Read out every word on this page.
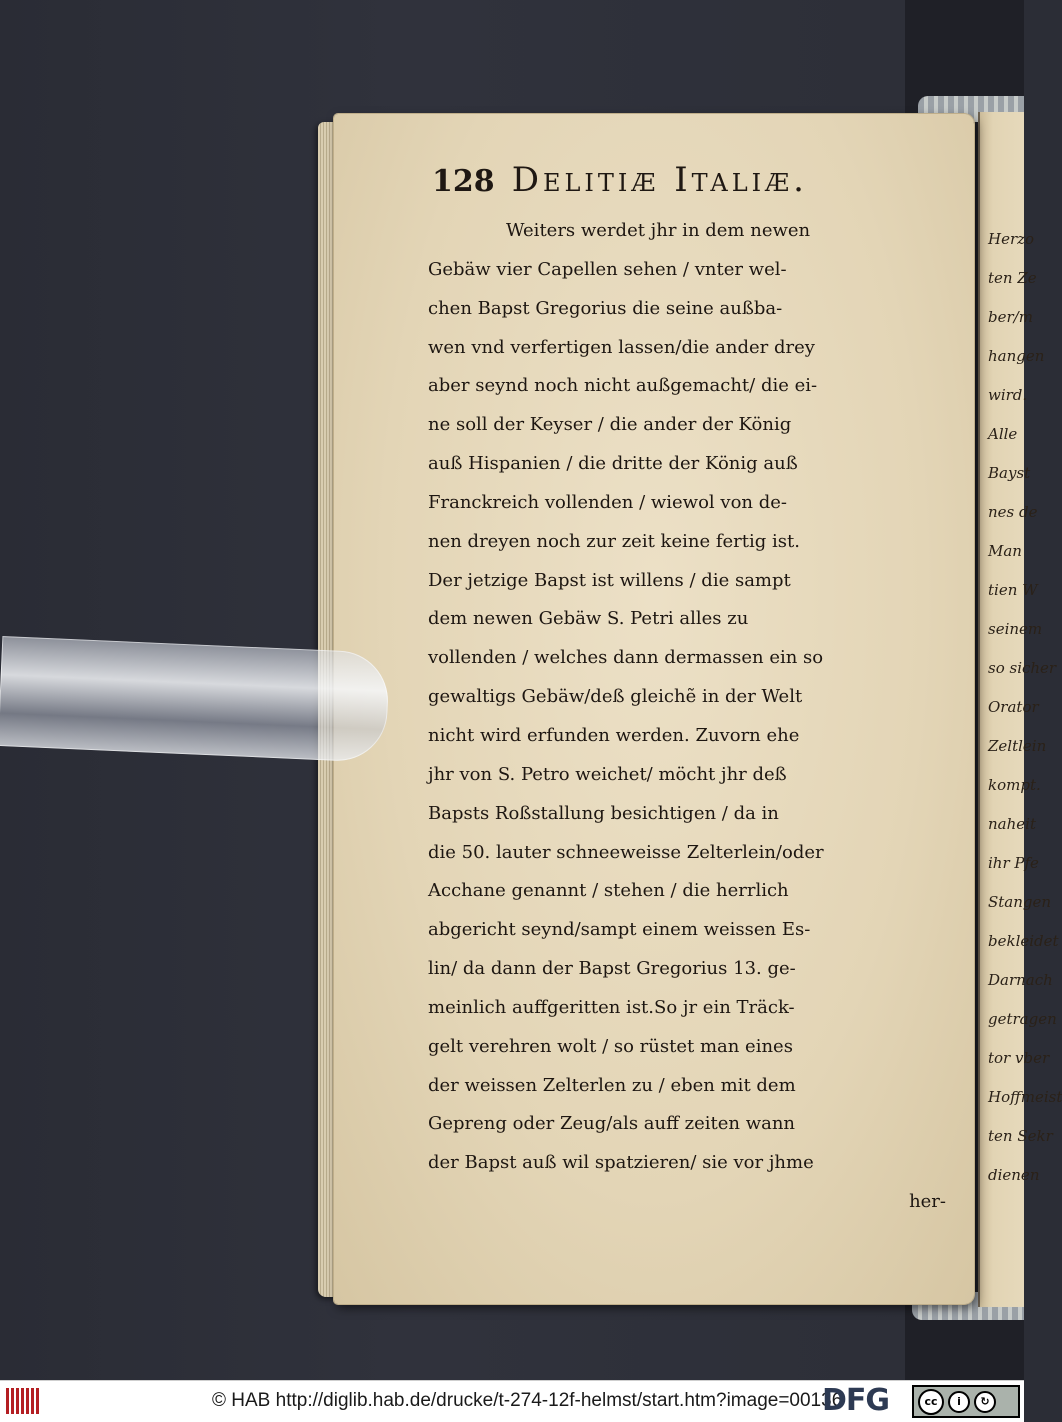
Herzo
ten Ze
ber/m
hangen
wird.
Alle
Bayst
nes de
Man
tien W
seinem
so sicher
Orator
Zeltlein
kompt.
naheit
ihr Pfe
Stangen
bekleidet
Darnach
getragen
tor vber
Hoffmeist
ten Sekr
dienen
128 Delitiæ Italiæ.
Weiters werdet jhr in dem newen
Gebäw vier Capellen sehen / vnter wel-
chen Bapst Gregorius die seine außba-
wen vnd verfertigen lassen/die ander drey
aber seynd noch nicht außgemacht/ die ei-
ne soll der Keyser / die ander der König
auß Hispanien / die dritte der König auß
Franckreich vollenden / wiewol von de-
nen dreyen noch zur zeit keine fertig ist.
Der jetzige Bapst ist willens / die sampt
dem newen Gebäw S. Petri alles zu
vollenden / welches dann dermassen ein so
gewaltigs Gebäw/deß gleichẽ in der Welt
nicht wird erfunden werden. Zuvorn ehe
jhr von S. Petro weichet/ möcht jhr deß
Bapsts Roßstallung besichtigen / da in
die 50. lauter schneeweisse Zelterlein/oder
Acchane genannt / stehen / die herrlich
abgericht seynd/sampt einem weissen Es-
lin/ da dann der Bapst Gregorius 13. ge-
meinlich auffgeritten ist.So jr ein Träck-
gelt verehren wolt / so rüstet man eines
der weissen Zelterlen zu / eben mit dem
Gepreng oder Zeug/als auff zeiten wann
der Bapst auß wil spatzieren/ sie vor jhme
her-
© HAB http://diglib.hab.de/drucke/t-274-12f-helmst/start.htm?image=00136
DFG	cc	i	↻
